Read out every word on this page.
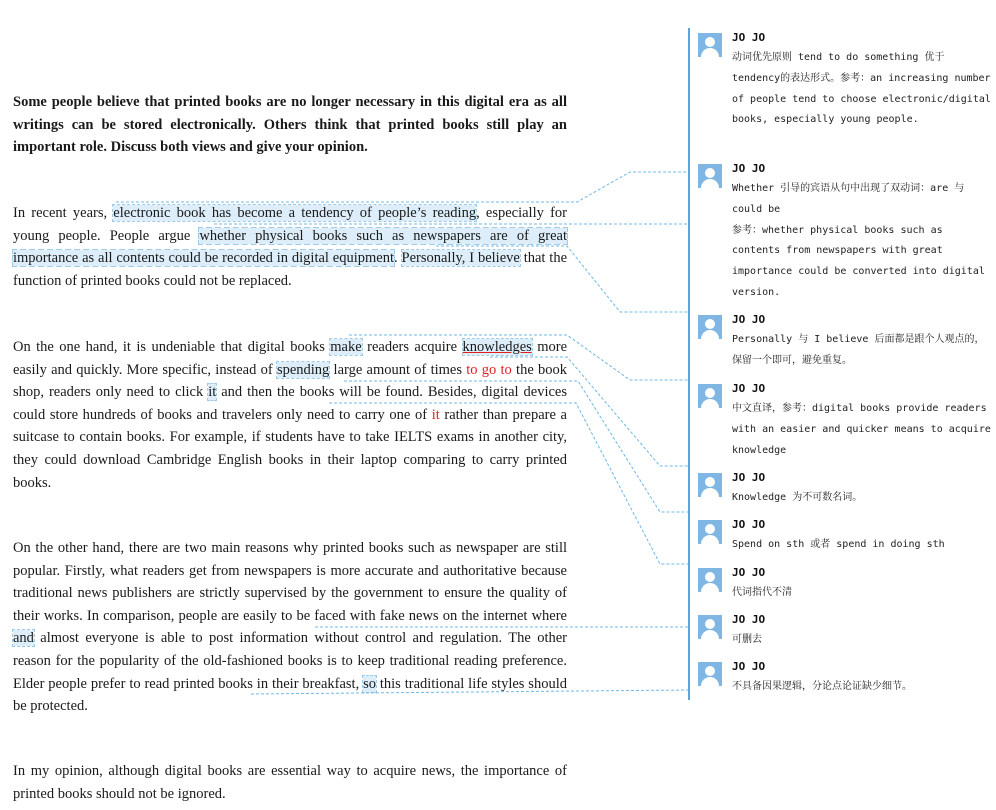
Some people believe that printed books are no longer necessary in this digital era as all writings can be stored electronically. Others think that printed books still play an important role. Discuss both views and give your opinion.

In recent years, electronic book has become a tendency of people’s reading, especially for young people. People argue whether physical books such as newspapers are of great importance as all contents could be recorded in digital equipment. Personally, I believe that the function of printed books could not be replaced.

On the one hand, it is undeniable that digital books make readers acquire knowledges more easily and quickly. More specific, instead of spending large amount of times to go to the book shop, readers only need to click it and then the books will be found. Besides, digital devices could store hundreds of books and travelers only need to carry one of it rather than prepare a suitcase to contain books. For example, if students have to take IELTS exams in another city, they could download Cambridge English books in their laptop comparing to carry printed books.

On the other hand, there are two main reasons why printed books such as newspaper are still popular. Firstly, what readers get from newspapers is more accurate and authoritative because traditional news publishers are strictly supervised by the government to ensure the quality of their works. In comparison, people are easily to be faced with fake news on the internet where and almost everyone is able to post information without control and regulation. The other reason for the popularity of the old-fashioned books is to keep traditional reading preference. Elder people prefer to read printed books in their breakfast, so this traditional life styles should be protected.

In my opinion, although digital books are essential way to acquire news, the importance of printed books should not be ignored.

JO JO
动词优先原则 tend to do something 优于 tendency的表达形式。参考：an increasing number of people tend to choose electronic/digital books, especially young people.
JO JO
Whether 引导的宾语从句中出现了双动词：are 与 could be
参考：whether physical books such as contents from newspapers with great importance could be converted into digital version.
JO JO
Personally 与 I believe 后面都是跟个人观点的，保留一个即可，避免重复。
JO JO
中文直译，参考：digital books provide readers with an easier and quicker means to acquire knowledge
JO JO
Knowledge 为不可数名词。
JO JO
Spend on sth 或者 spend in doing sth
JO JO
代词指代不清
JO JO
可删去
JO JO
不具备因果逻辑，分论点论证缺少细节。
